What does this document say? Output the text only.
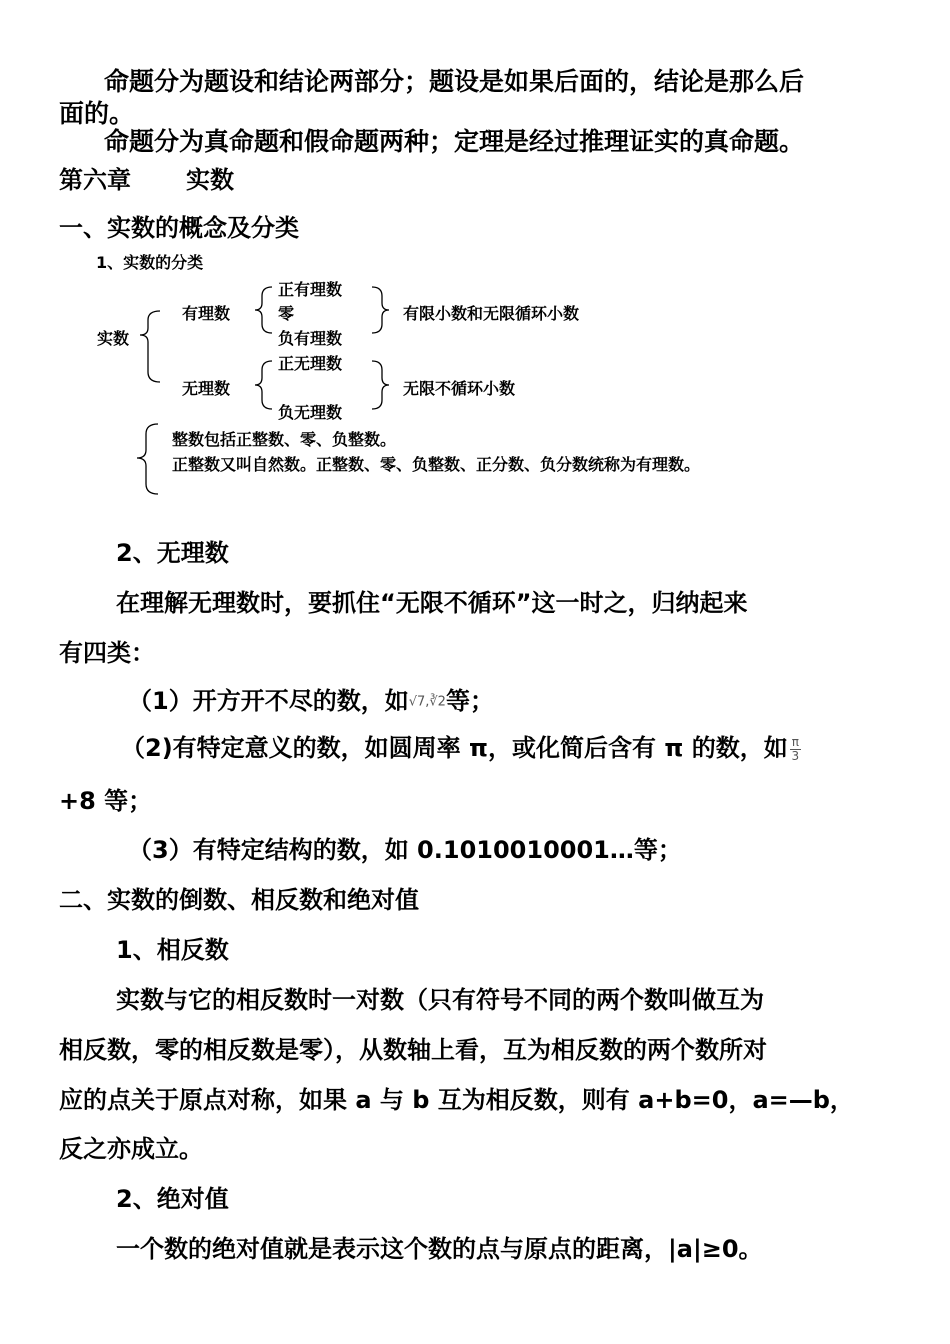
命题分为题设和结论两部分；题设是如果后面的，结论是那么后
面的。
命题分为真命题和假命题两种；定理是经过推理证实的真命题。
第六章 实数
一、实数的概念及分类
1、实数的分类
实数
有理数
无理数
正有理数
零
负有理数
正无理数
负无理数
有限小数和无限循环小数
无限不循环小数
整数包括正整数、零、负整数。
正整数又叫自然数。正整数、零、负整数、正分数、负分数统称为有理数。
2、无理数
在理解无理数时，要抓住“无限不循环”这一时之，归纳起来
有四类：
（1）开方开不尽的数，如√7,∛2等；
（2)有特定意义的数，如圆周率 π，或化简后含有 π 的数，如 $\frac{\pi}{3}$
+8 等；
（3）有特定结构的数，如 0.1010010001…等；
二、实数的倒数、相反数和绝对值
1、相反数
实数与它的相反数时一对数（只有符号不同的两个数叫做互为
相反数，零的相反数是零），从数轴上看，互为相反数的两个数所对
应的点关于原点对称，如果 a 与 b 互为相反数，则有 a+b=0，a=—b，
反之亦成立。
2、绝对值
一个数的绝对值就是表示这个数的点与原点的距离，|a|≥0。
